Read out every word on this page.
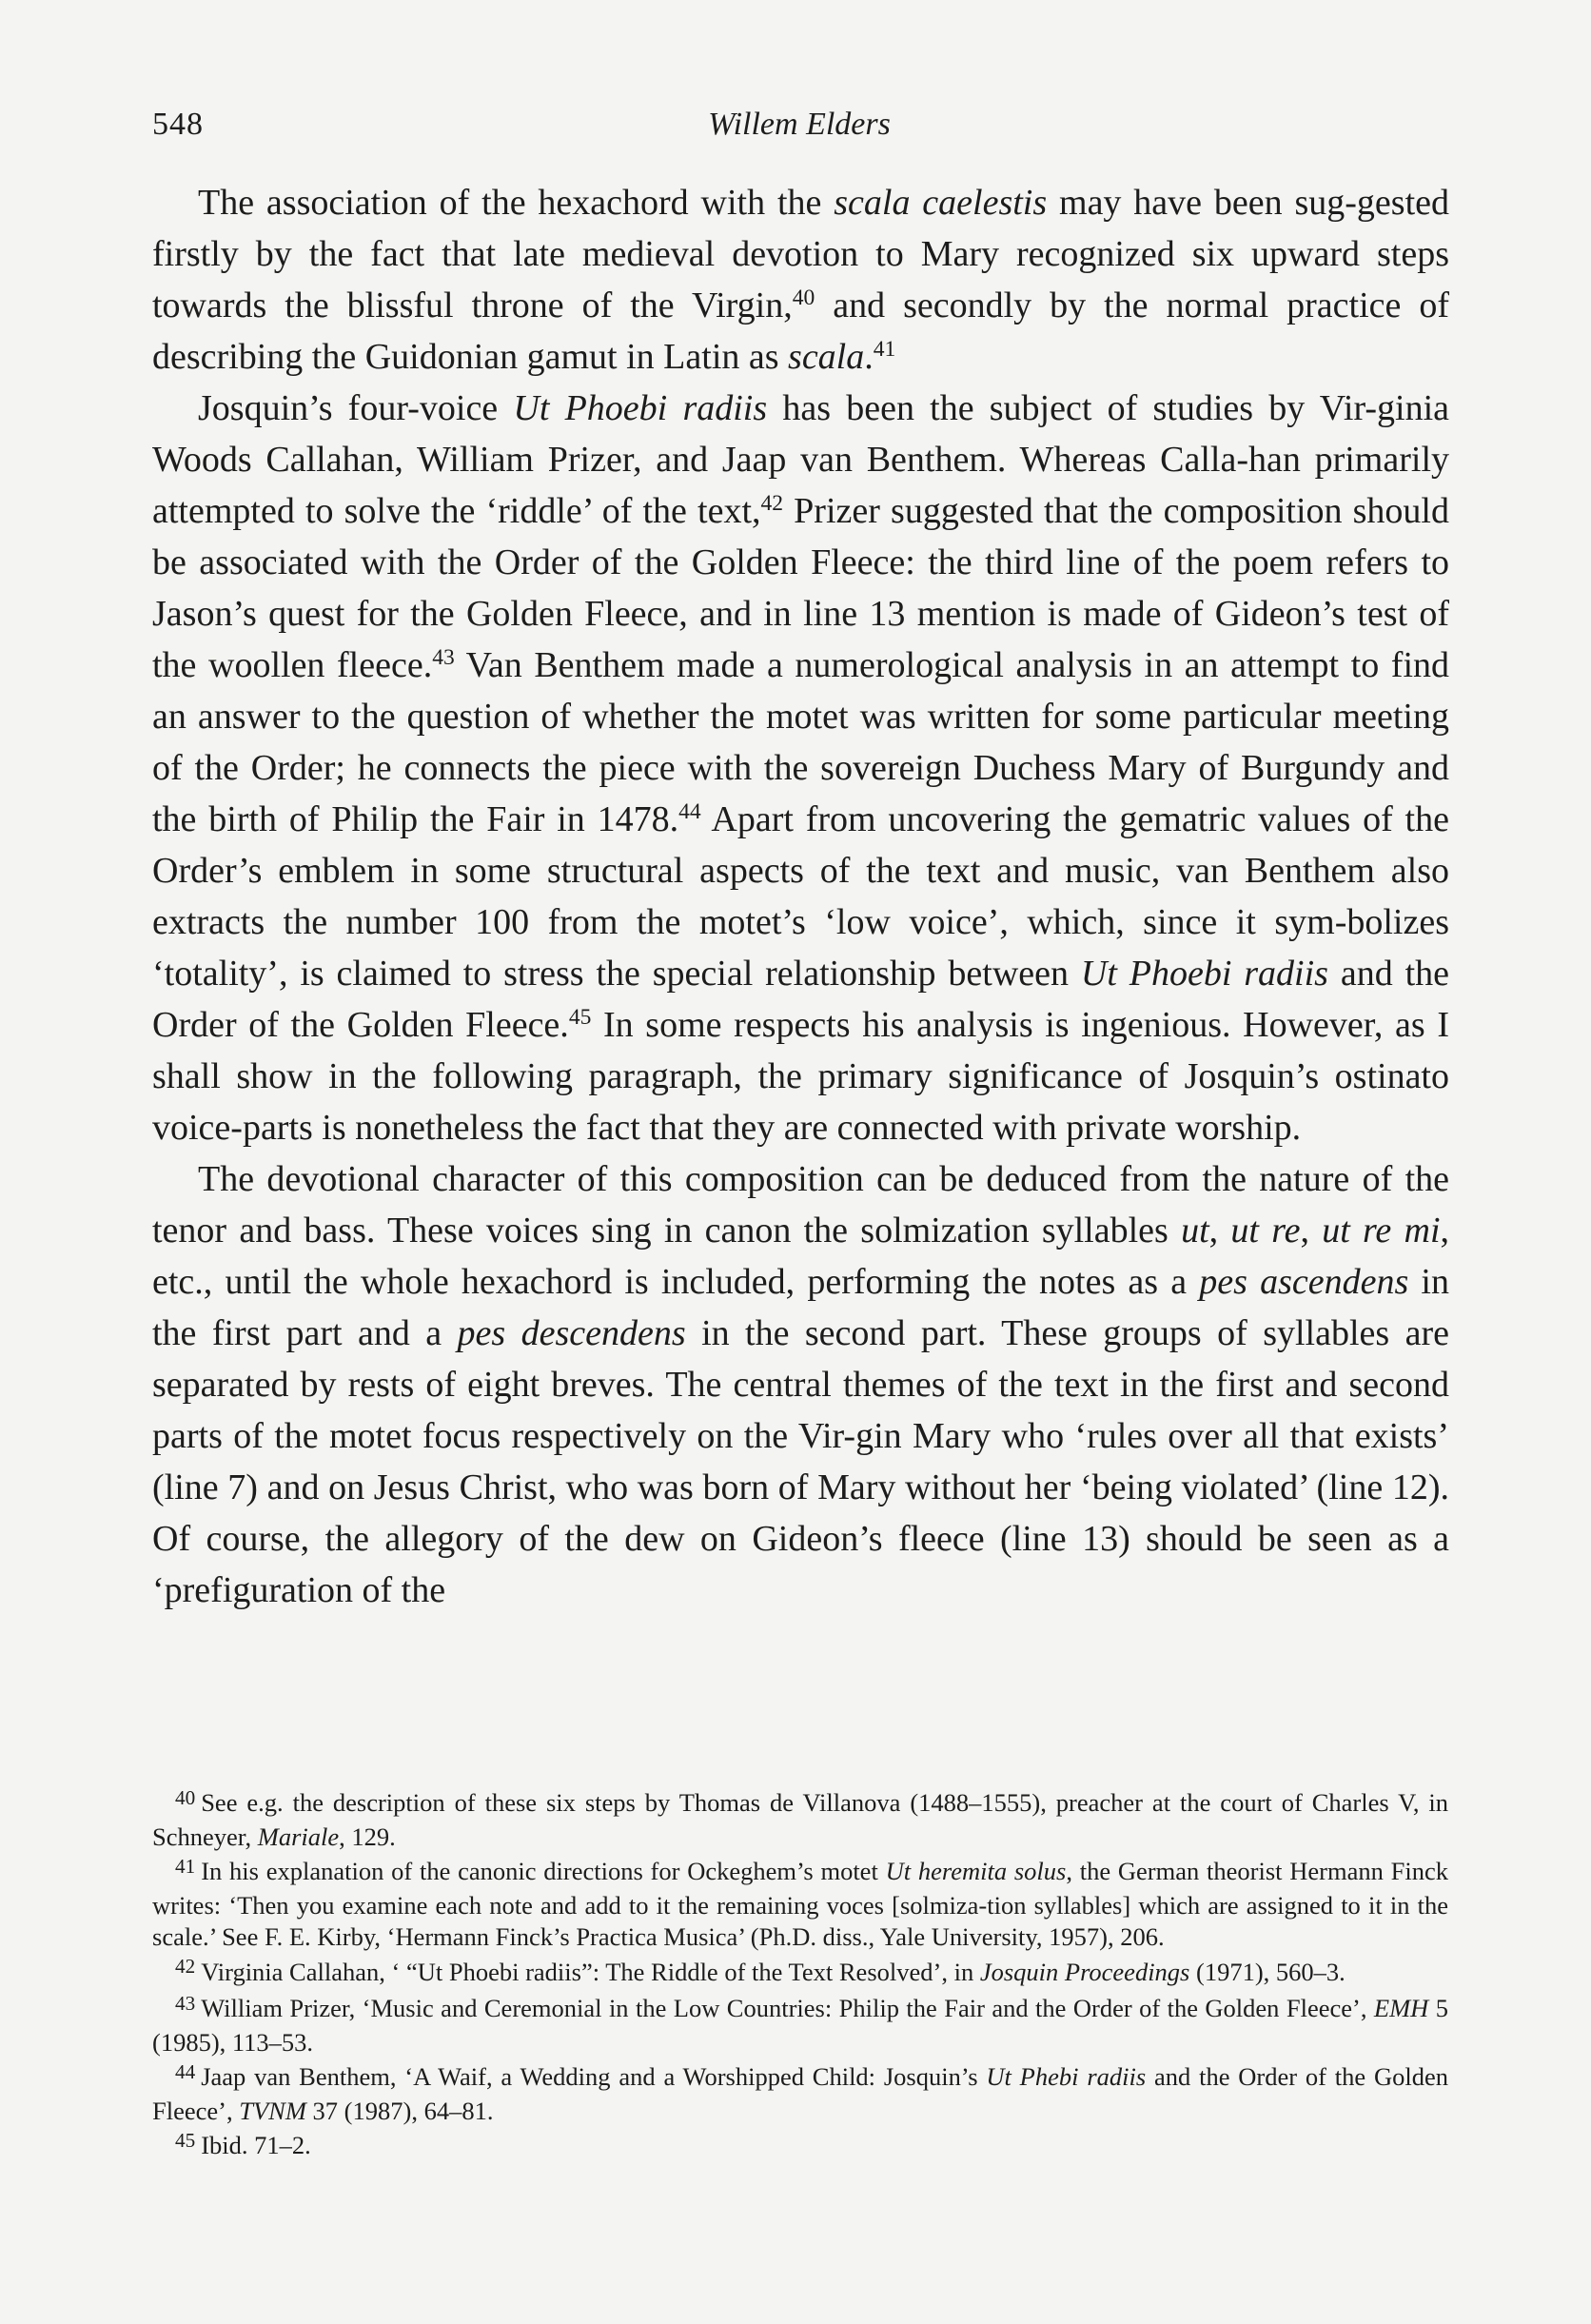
548	Willem Elders

The association of the hexachord with the scala caelestis may have been sug-gested firstly by the fact that late medieval devotion to Mary recognized six upward steps towards the blissful throne of the Virgin,$^{40}$ and secondly by the normal practice of describing the Guidonian gamut in Latin as scala.$^{41}$

Josquin’s four-voice Ut Phoebi radiis has been the subject of studies by Vir-ginia Woods Callahan, William Prizer, and Jaap van Benthem. Whereas Calla-han primarily attempted to solve the ‘riddle’ of the text,$^{42}$ Prizer suggested that the composition should be associated with the Order of the Golden Fleece: the third line of the poem refers to Jason’s quest for the Golden Fleece, and in line 13 mention is made of Gideon’s test of the woollen fleece.$^{43}$ Van Benthem made a numerological analysis in an attempt to find an answer to the question of whether the motet was written for some particular meeting of the Order; he connects the piece with the sovereign Duchess Mary of Burgundy and the birth of Philip the Fair in 1478.44 Apart from uncovering the gematric values of the Order’s emblem in some structural aspects of the text and music, van Benthem also extracts the number 100 from the motet’s ‘low voice’, which, since it sym-bolizes ‘totality’, is claimed to stress the special relationship between Ut Phoebi radiis and the Order of the Golden Fleece.$^{45}$ In some respects his analysis is ingenious. However, as I shall show in the following paragraph, the primary significance of Josquin’s ostinato voice-parts is nonetheless the fact that they are connected with private worship.

The devotional character of this composition can be deduced from the nature of the tenor and bass. These voices sing in canon the solmization syllables ut, ut re, ut re mi, etc., until the whole hexachord is included, performing the notes as a pes ascendens in the first part and a pes descendens in the second part. These groups of syllables are separated by rests of eight breves. The central themes of the text in the first and second parts of the motet focus respectively on the Vir-gin Mary who ‘rules over all that exists’ (line 7) and on Jesus Christ, who was born of Mary without her ‘being violated’ (line 12). Of course, the allegory of the dew on Gideon’s fleece (line 13) should be seen as a ‘prefiguration of the

$^{40}$ See e.g. the description of these six steps by Thomas de Villanova (1488–1555), preacher at the court of Charles V, in Schneyer, Mariale, 129.

$^{41}$ In his explanation of the canonic directions for Ockeghem’s motet Ut heremita solus, the German theorist Hermann Finck writes: ‘Then you examine each note and add to it the remaining voces [solmiza-tion syllables] which are assigned to it in the scale.’ See F. E. Kirby, ‘Hermann Finck’s Practica Musica’ (Ph.D. diss., Yale University, 1957), 206.

$^{42}$ Virginia Callahan, ‘ “Ut Phoebi radiis”: The Riddle of the Text Resolved’, in Josquin Proceedings (1971), 560–3.

$^{43}$ William Prizer, ‘Music and Ceremonial in the Low Countries: Philip the Fair and the Order of the Golden Fleece’, EMH 5 (1985), 113–53.

$^{44}$ Jaap van Benthem, ‘A Waif, a Wedding and a Worshipped Child: Josquin’s Ut Phebi radiis and the Order of the Golden Fleece’, TVNM 37 (1987), 64–81.

$^{45}$ Ibid. 71–2.
